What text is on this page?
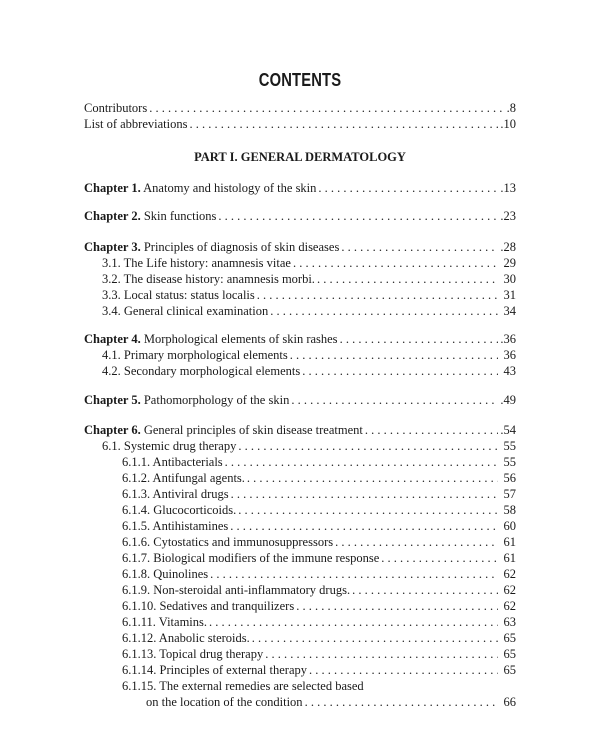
CONTENTS
Contributors . . .	.8
List of abbreviations . . .	.10
PART I. GENERAL DERMATOLOGY
Chapter 1. Anatomy and histology of the skin . . .	.13
Chapter 2. Skin functions . . .	.23
Chapter 3. Principles of diagnosis of skin diseases . . .	.28
3.1. The Life history: anamnesis vitae . . .	29
3.2. The disease history: anamnesis morbi. . . .	30
3.3. Local status: status localis . . .	31
3.4. General clinical examination . . .	34
Chapter 4. Morphological elements of skin rashes . . .	.36
4.1. Primary morphological elements . . .	36
4.2. Secondary morphological elements . . .	43
Chapter 5. Pathomorphology of the skin . . .	.49
Chapter 6. General principles of skin disease treatment . . .	.54
6.1. Systemic drug therapy . . .	55
6.1.1. Antibacterials . . .	55
6.1.2. Antifungal agents. . . .	56
6.1.3. Antiviral drugs . . .	57
6.1.4. Glucocorticoids. . . .	58
6.1.5. Antihistamines . . .	60
6.1.6. Cytostatics and immunosuppressors . . .	61
6.1.7. Biological modifiers of the immune response . . .	61
6.1.8. Quinolines . . .	62
6.1.9. Non-steroidal anti-inflammatory drugs. . . .	62
6.1.10. Sedatives and tranquilizers . . .	62
6.1.11. Vitamins. . . .	63
6.1.12. Anabolic steroids. . . .	65
6.1.13. Topical drug therapy . . .	65
6.1.14. Principles of external therapy . . .	65
6.1.15. The external remedies are selected based
on the location of the condition . . .	66
